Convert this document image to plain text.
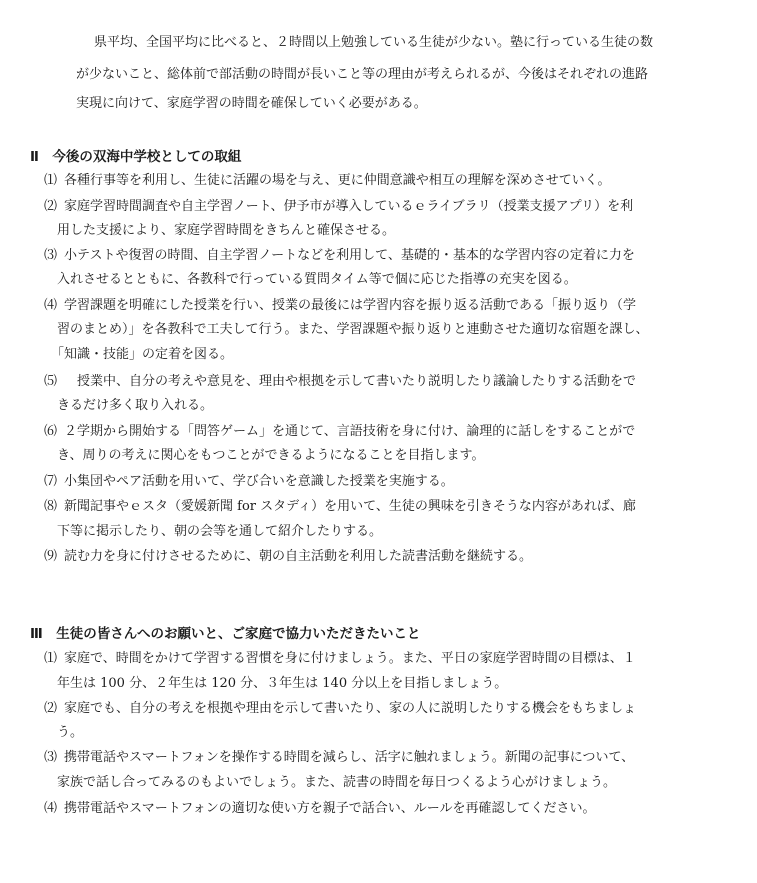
県平均、全国平均に比べると、２時間以上勉強している生徒が少ない。塾に行っている生徒の数
が少ないこと、総体前で部活動の時間が長いこと等の理由が考えられるが、今後はそれぞれの進路
実現に向けて、家庭学習の時間を確保していく必要がある。
Ⅱ　今後の双海中学校としての取組
⑴ 各種行事等を利用し、生徒に活躍の場を与え、更に仲間意識や相互の理解を深めさせていく。
⑵ 家庭学習時間調査や自主学習ノート、伊予市が導入しているｅライブラリ（授業支援アプリ）を利
用した支援により、家庭学習時間をきちんと確保させる。
⑶ 小テストや復習の時間、自主学習ノートなどを利用して、基礎的・基本的な学習内容の定着に力を
入れさせるとともに、各教科で行っている質問タイム等で個に応じた指導の充実を図る。
⑷ 学習課題を明確にした授業を行い、授業の最後には学習内容を振り返る活動である「振り返り（学
習のまとめ）」を各教科で工夫して行う。また、学習課題や振り返りと連動させた適切な宿題を課し、
「知識・技能」の定着を図る。
⑸　授業中、自分の考えや意見を、理由や根拠を示して書いたり説明したり議論したりする活動をで
きるだけ多く取り入れる。
⑹ ２学期から開始する「問答ゲーム」を通じて、言語技術を身に付け、論理的に話しをすることがで
き、周りの考えに関心をもつことができるようになることを目指します。
⑺ 小集団やペア活動を用いて、学び合いを意識した授業を実施する。
⑻ 新聞記事やｅスタ（愛媛新聞 for スタディ）を用いて、生徒の興味を引きそうな内容があれば、廊
下等に掲示したり、朝の会等を通して紹介したりする。
⑼ 読む力を身に付けさせるために、朝の自主活動を利用した読書活動を継続する。
Ⅲ　生徒の皆さんへのお願いと、ご家庭で協力いただきたいこと
⑴ 家庭で、時間をかけて学習する習慣を身に付けましょう。また、平日の家庭学習時間の目標は、１
年生は 100 分、２年生は 120 分、３年生は 140 分以上を目指しましょう。
⑵ 家庭でも、自分の考えを根拠や理由を示して書いたり、家の人に説明したりする機会をもちましょ
う。
⑶ 携帯電話やスマートフォンを操作する時間を減らし、活字に触れましょう。新聞の記事について、
家族で話し合ってみるのもよいでしょう。また、読書の時間を毎日つくるよう心がけましょう。
⑷ 携帯電話やスマートフォンの適切な使い方を親子で話合い、ルールを再確認してください。
